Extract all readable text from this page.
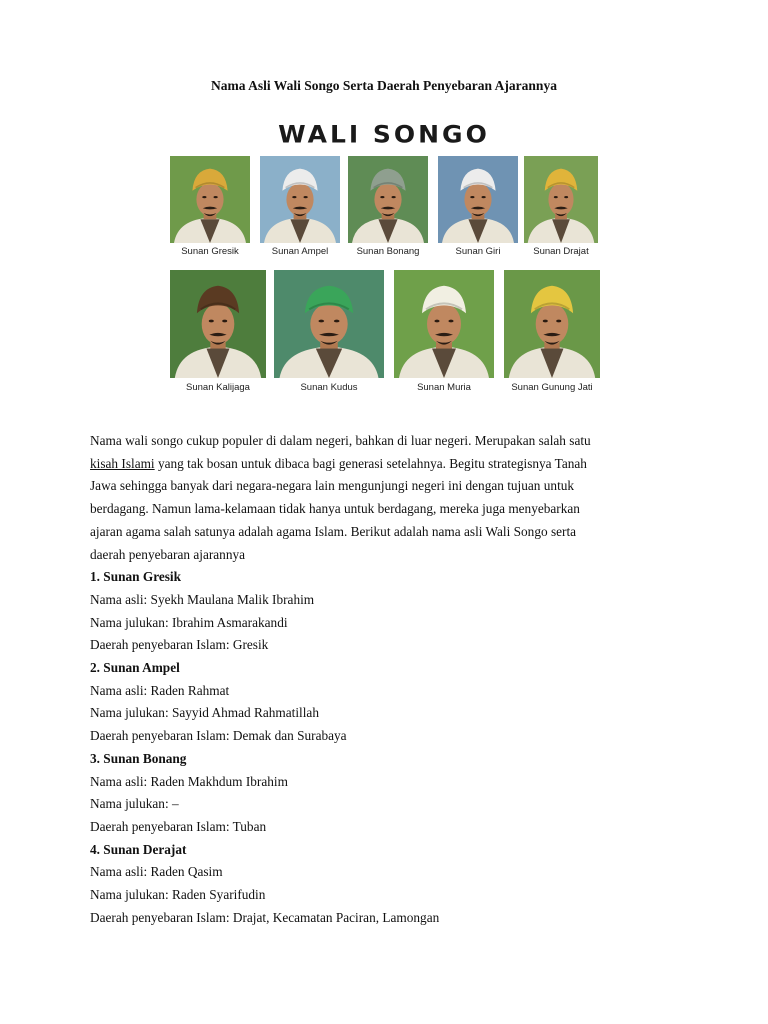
Nama Asli Wali Songo Serta Daerah Penyebaran Ajarannya
WALI SONGO
Sunan Gresik	Sunan Ampel	Sunan Bonang	Sunan Giri	Sunan Drajat
Sunan Kalijaga	Sunan Kudus	Sunan Muria	Sunan Gunung Jati

Nama wali songo cukup populer di dalam negeri, bahkan di luar negeri. Merupakan salah satu

kisah Islami yang tak bosan untuk dibaca bagi generasi setelahnya. Begitu strategisnya Tanah

Jawa sehingga banyak dari negara-negara lain mengunjungi negeri ini dengan tujuan untuk

berdagang. Namun lama-kelamaan tidak hanya untuk berdagang, mereka juga menyebarkan

ajaran agama salah satunya adalah agama Islam. Berikut adalah nama asli Wali Songo serta

daerah penyebaran ajarannya

1. Sunan Gresik

Nama asli: Syekh Maulana Malik Ibrahim

Nama julukan: Ibrahim Asmarakandi

Daerah penyebaran Islam: Gresik

2. Sunan Ampel

Nama asli: Raden Rahmat

Nama julukan: Sayyid Ahmad Rahmatillah

Daerah penyebaran Islam: Demak dan Surabaya

3. Sunan Bonang

Nama asli: Raden Makhdum Ibrahim

Nama julukan: –

Daerah penyebaran Islam: Tuban

4. Sunan Derajat

Nama asli: Raden Qasim

Nama julukan: Raden Syarifudin

Daerah penyebaran Islam: Drajat, Kecamatan Paciran, Lamongan
